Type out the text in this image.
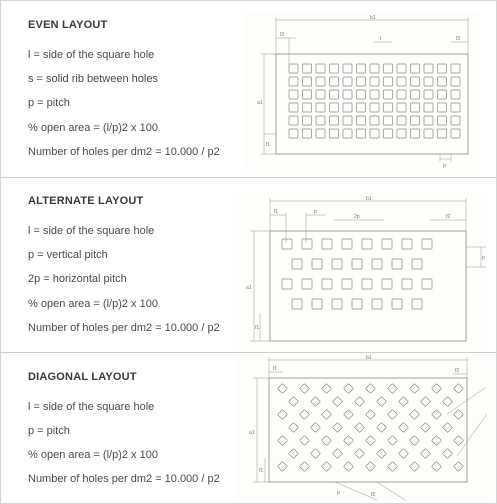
EVEN LAYOUT
l = side of the square hole
s = solid rib between holes
p = pitch
% open area = (l/p)2 x 100
Number of holes per dm2 = 10.000 / p2
b1
f2
l	f2
a1
f1
p
ALTERNATE LAYOUT
l = side of the square hole
p = vertical pitch
2p = horizontal pitch
% open area = (l/p)2 x 100
Number of holes per dm2 = 10.000 / p2
b1
f1	p
2p	f2
p
a1
f1
DIAGONAL LAYOUT
l = side of the square hole
p = pitch
% open area = (l/p)2 x 100
Number of holes per dm2 = 10.000 / p2
b1
f1	f2
a1
f1
p	f2
